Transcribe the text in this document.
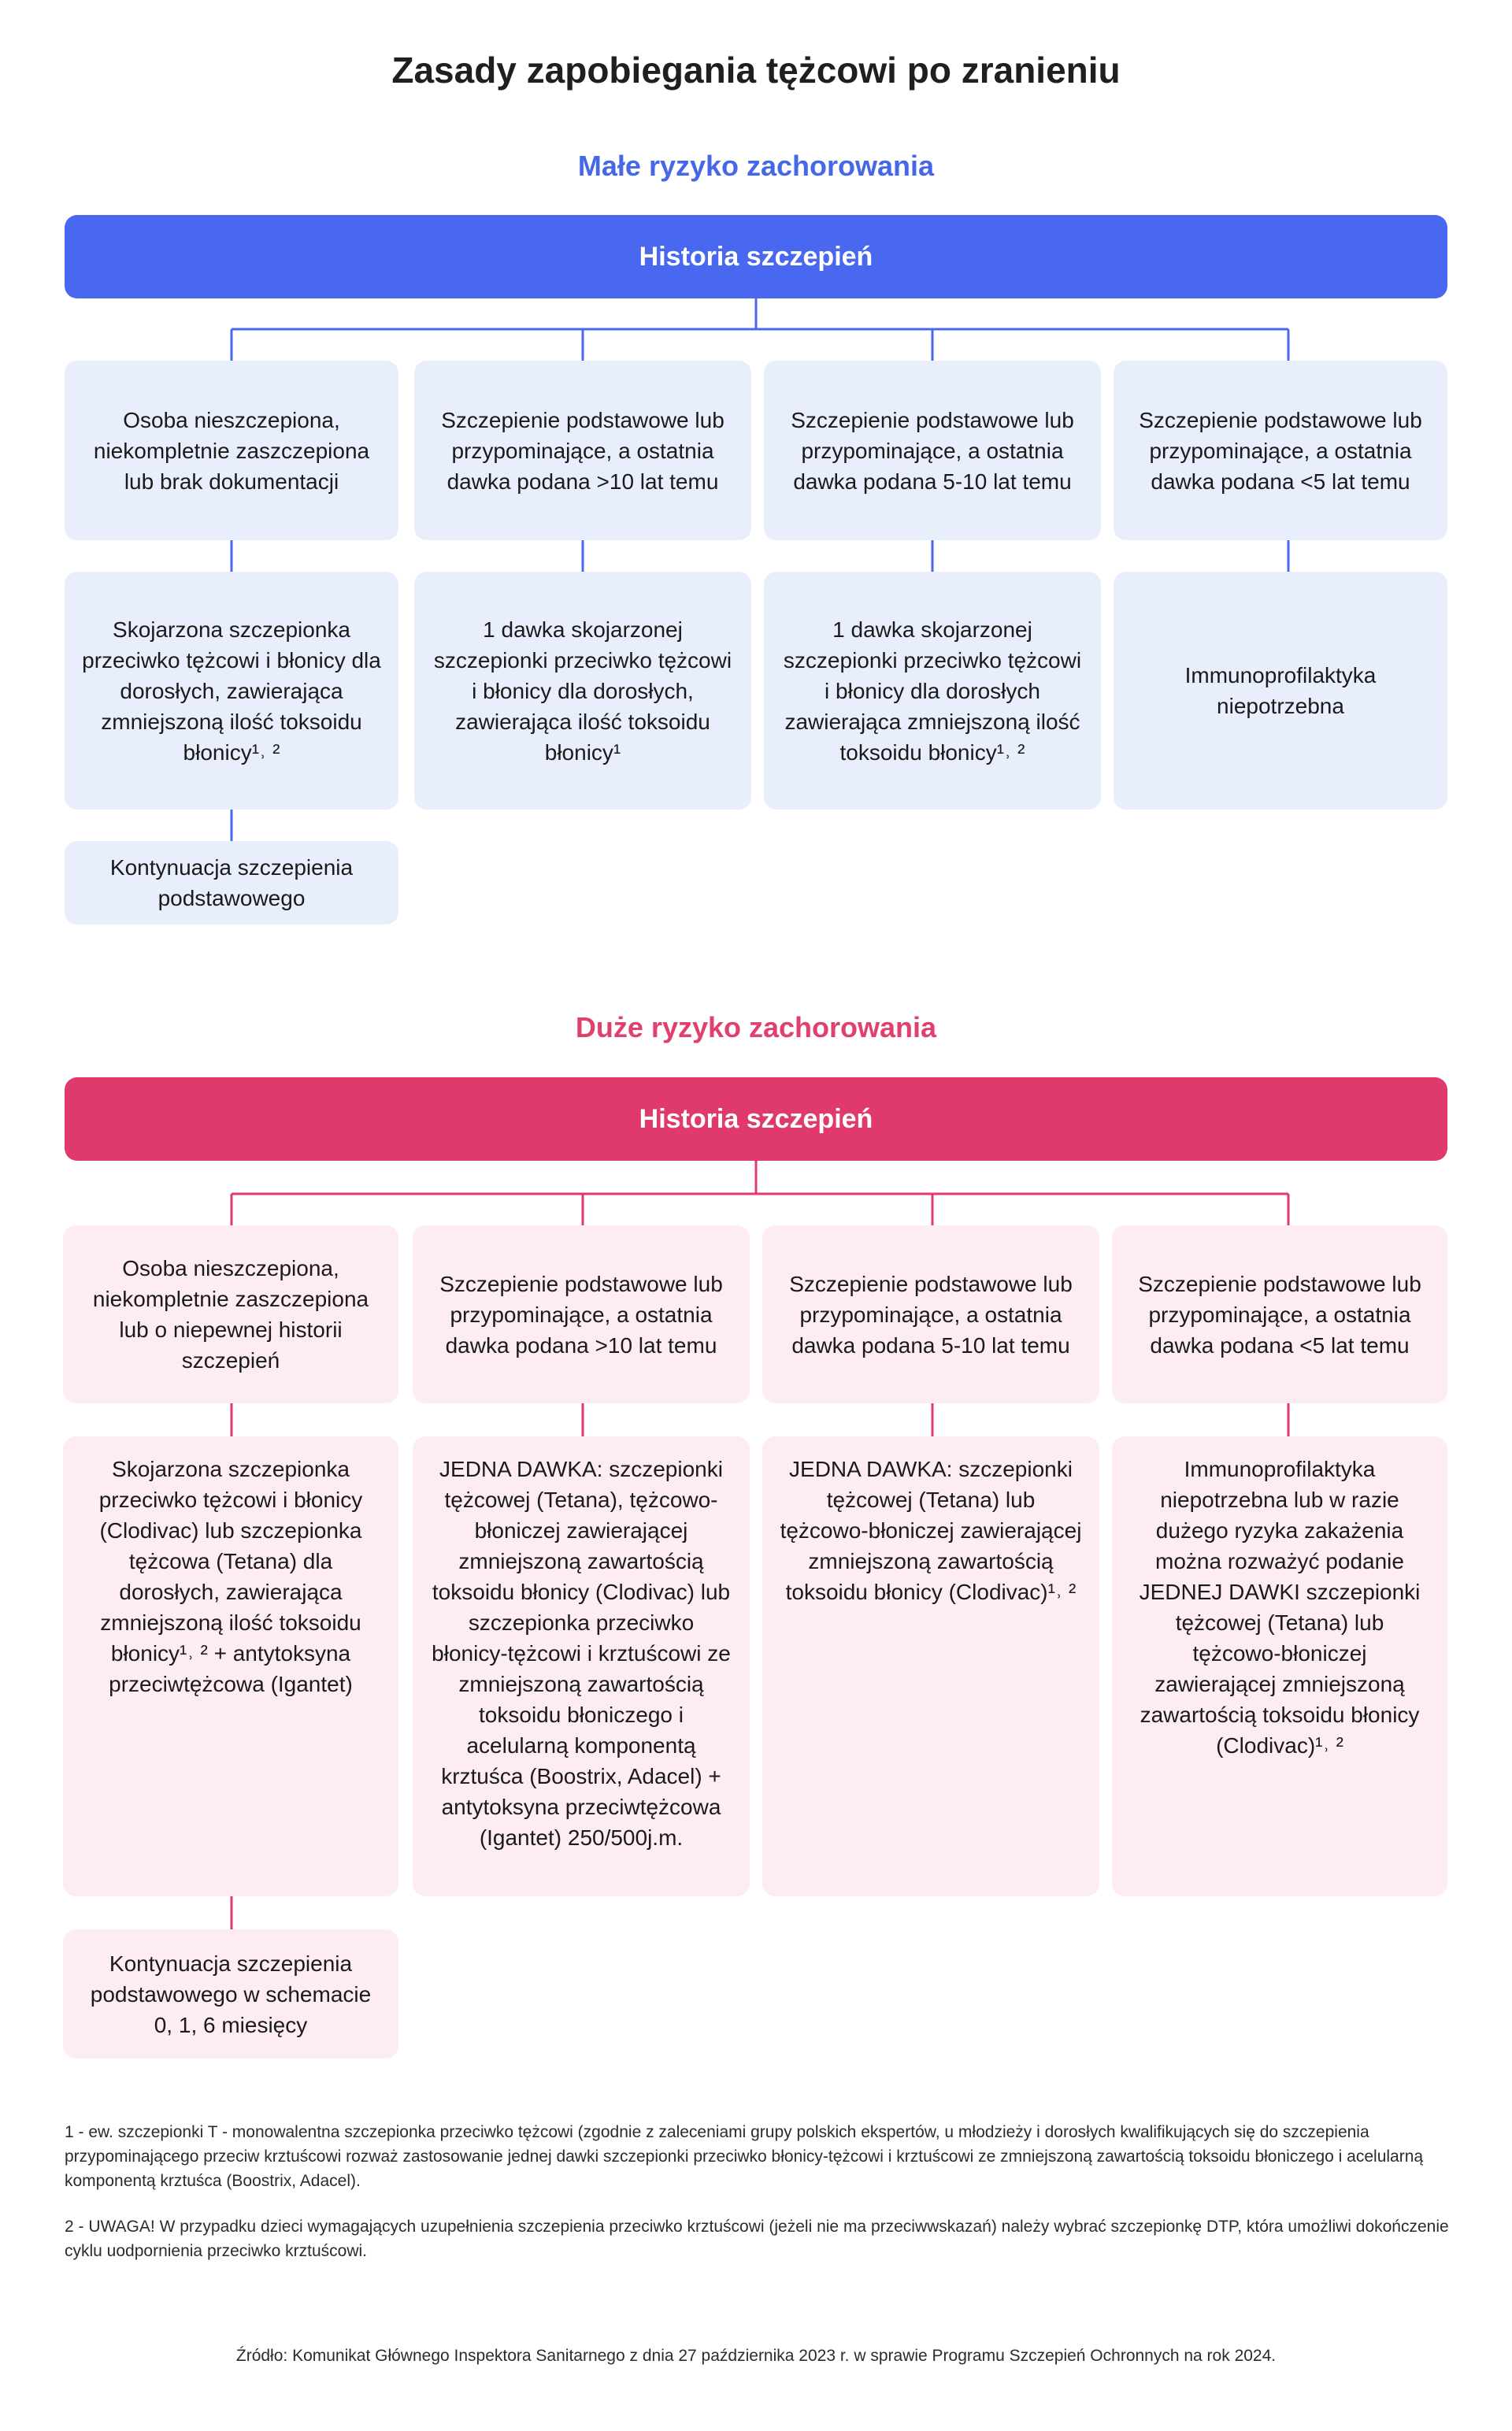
Zasady zapobiegania tężcowi po zranieniu
Małe ryzyko zachorowania
Historia szczepień
Osoba nieszczepiona, niekompletnie zaszczepiona lub brak dokumentacji
Szczepienie podstawowe lub przypominające, a ostatnia dawka podana >10 lat temu
Szczepienie podstawowe lub przypominające, a ostatnia dawka podana 5-10 lat temu
Szczepienie podstawowe lub przypominające, a ostatnia dawka podana <5 lat temu
Skojarzona szczepionka przeciwko tężcowi i błonicy dla dorosłych, zawierająca zmniejszoną ilość toksoidu błonicy¹˒ ²
1 dawka skojarzonej szczepionki przeciwko tężcowi i błonicy dla dorosłych, zawierająca ilość toksoidu błonicy¹
1 dawka skojarzonej szczepionki przeciwko tężcowi i błonicy dla dorosłych zawierająca zmniejszoną ilość toksoidu błonicy¹˒ ²
Immunoprofilaktyka niepotrzebna
Kontynuacja szczepienia podstawowego
Duże ryzyko zachorowania
Historia szczepień
Osoba nieszczepiona, niekompletnie zaszczepiona lub o niepewnej historii szczepień
Szczepienie podstawowe lub przypominające, a ostatnia dawka podana >10 lat temu
Szczepienie podstawowe lub przypominające, a ostatnia dawka podana 5-10 lat temu
Szczepienie podstawowe lub przypominające, a ostatnia dawka podana <5 lat temu
Skojarzona szczepionka przeciwko tężcowi i błonicy (Clodivac) lub szczepionka tężcowa (Tetana) dla dorosłych, zawierająca zmniejszoną ilość toksoidu błonicy¹˒ ² + antytoksyna przeciwtężcowa (Igantet)
JEDNA DAWKA: szczepionki tężcowej (Tetana), tężcowo-błoniczej zawierającej zmniejszoną zawartością toksoidu błonicy (Clodivac) lub szczepionka przeciwko błonicy-tężcowi i krztuścowi ze zmniejszoną zawartością toksoidu błoniczego i acelularną komponentą krztuśca (Boostrix, Adacel) + antytoksyna przeciwtężcowa (Igantet) 250/500j.m.
JEDNA DAWKA: szczepionki tężcowej (Tetana) lub tężcowo-błoniczej zawierającej zmniejszoną zawartością toksoidu błonicy (Clodivac)¹˒ ²
Immunoprofilaktyka niepotrzebna lub w razie dużego ryzyka zakażenia można rozważyć podanie JEDNEJ DAWKI szczepionki tężcowej (Tetana) lub tężcowo-błoniczej zawierającej zmniejszoną zawartością toksoidu błonicy (Clodivac)¹˒ ²
Kontynuacja szczepienia podstawowego w schemacie 0, 1, 6 miesięcy
1 - ew. szczepionki T - monowalentna szczepionka przeciwko tężcowi (zgodnie z zaleceniami grupy polskich ekspertów, u młodzieży i dorosłych kwalifikujących się do szczepienia przypominającego przeciw krztuścowi rozważ zastosowanie jednej dawki szczepionki przeciwko błonicy-tężcowi i krztuścowi ze zmniejszoną zawartością toksoidu błoniczego i acelularną komponentą krztuśca (Boostrix, Adacel).
2 - UWAGA! W przypadku dzieci wymagających uzupełnienia szczepienia przeciwko krztuścowi (jeżeli nie ma przeciwwskazań) należy wybrać szczepionkę DTP, która umożliwi dokończenie cyklu uodpornienia przeciwko krztuścowi.
Źródło: Komunikat Głównego Inspektora Sanitarnego z dnia 27 października 2023 r. w sprawie Programu Szczepień Ochronnych na rok 2024.
